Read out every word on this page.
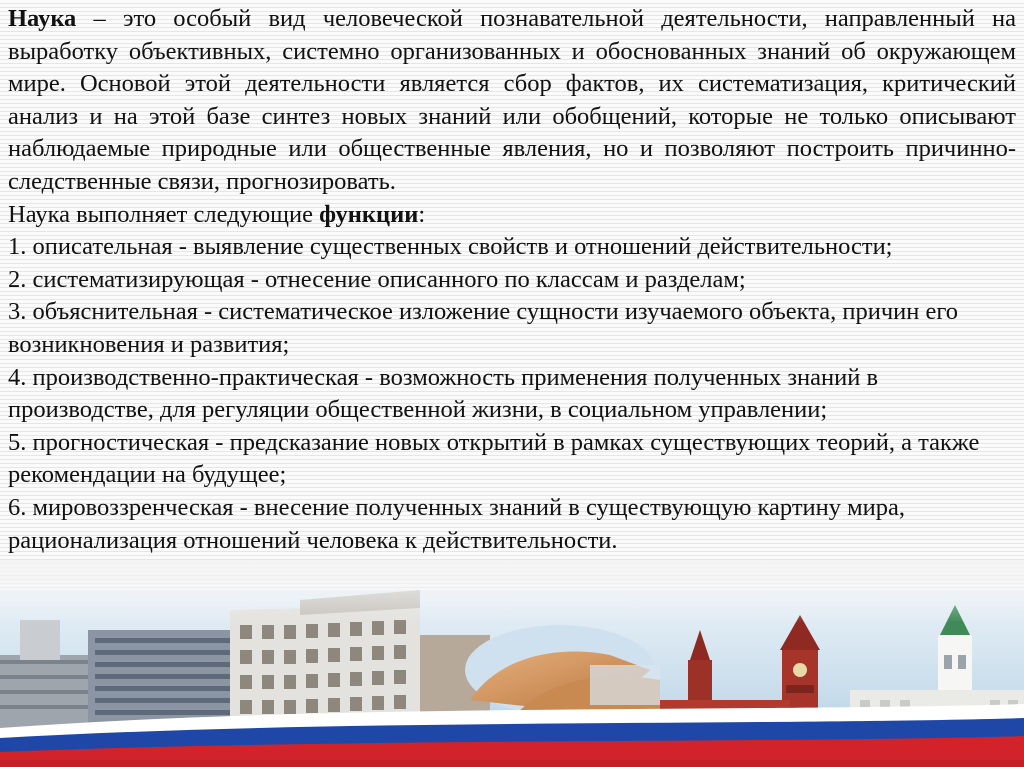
Наука – это особый вид человеческой познавательной деятельности, направленный на выработку объективных, системно организованных и обоснованных знаний об окружающем мире. Основой этой деятельности является сбор фактов, их систематизация, критический анализ и на этой базе синтез новых знаний или обобщений, которые не только описывают наблюдаемые природные или общественные явления, но и позволяют построить причинно-следственные связи, прогнозировать.

Наука выполняет следующие функции:

1. описательная - выявление существенных свойств и отношений действительности;

2. систематизирующая - отнесение описанного по классам и разделам;

3. объяснительная - систематическое изложение сущности изучаемого объекта, причин его возникновения и развития;

4. производственно-практическая - возможность применения полученных знаний в производстве, для регуляции общественной жизни, в социальном управлении;

5. прогностическая - предсказание новых открытий в рамках существующих теорий, а также рекомендации на будущее;

6. мировоззренческая - внесение полученных знаний в существующую картину мира, рационализация отношений человека к действительности.
